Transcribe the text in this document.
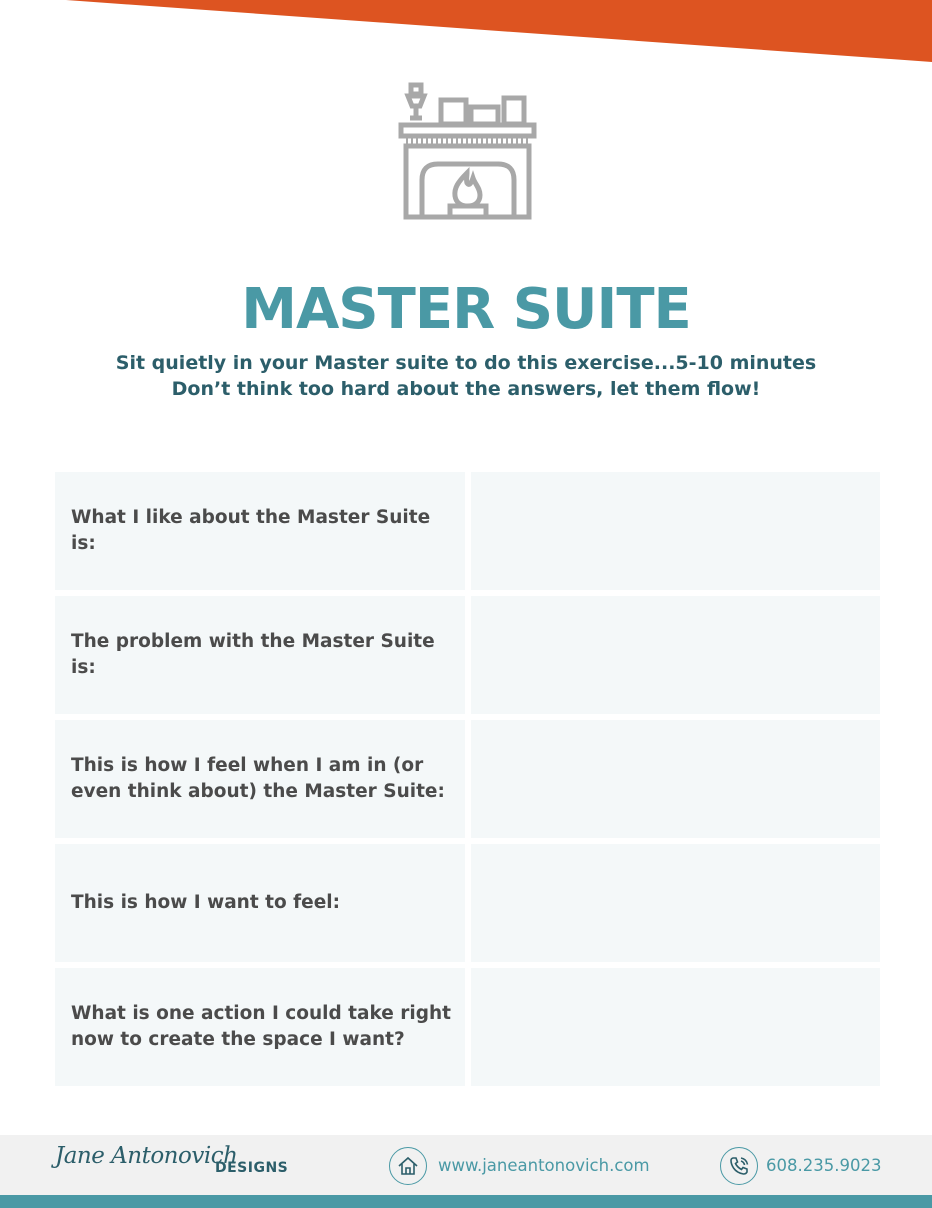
MASTER SUITE
Sit quietly in your Master suite to do this exercise...5-10 minutes
Don’t think too hard about the answers, let them flow!
What I like about the Master Suite is:
The problem with the Master Suite is:
This is how I feel when I am in (or even think about) the Master Suite:
This is how I want to feel:
What is one action I could take right now to create the space I want?
Jane Antonovich
DESIGNS	www.janeantonovich.com	608.235.9023
